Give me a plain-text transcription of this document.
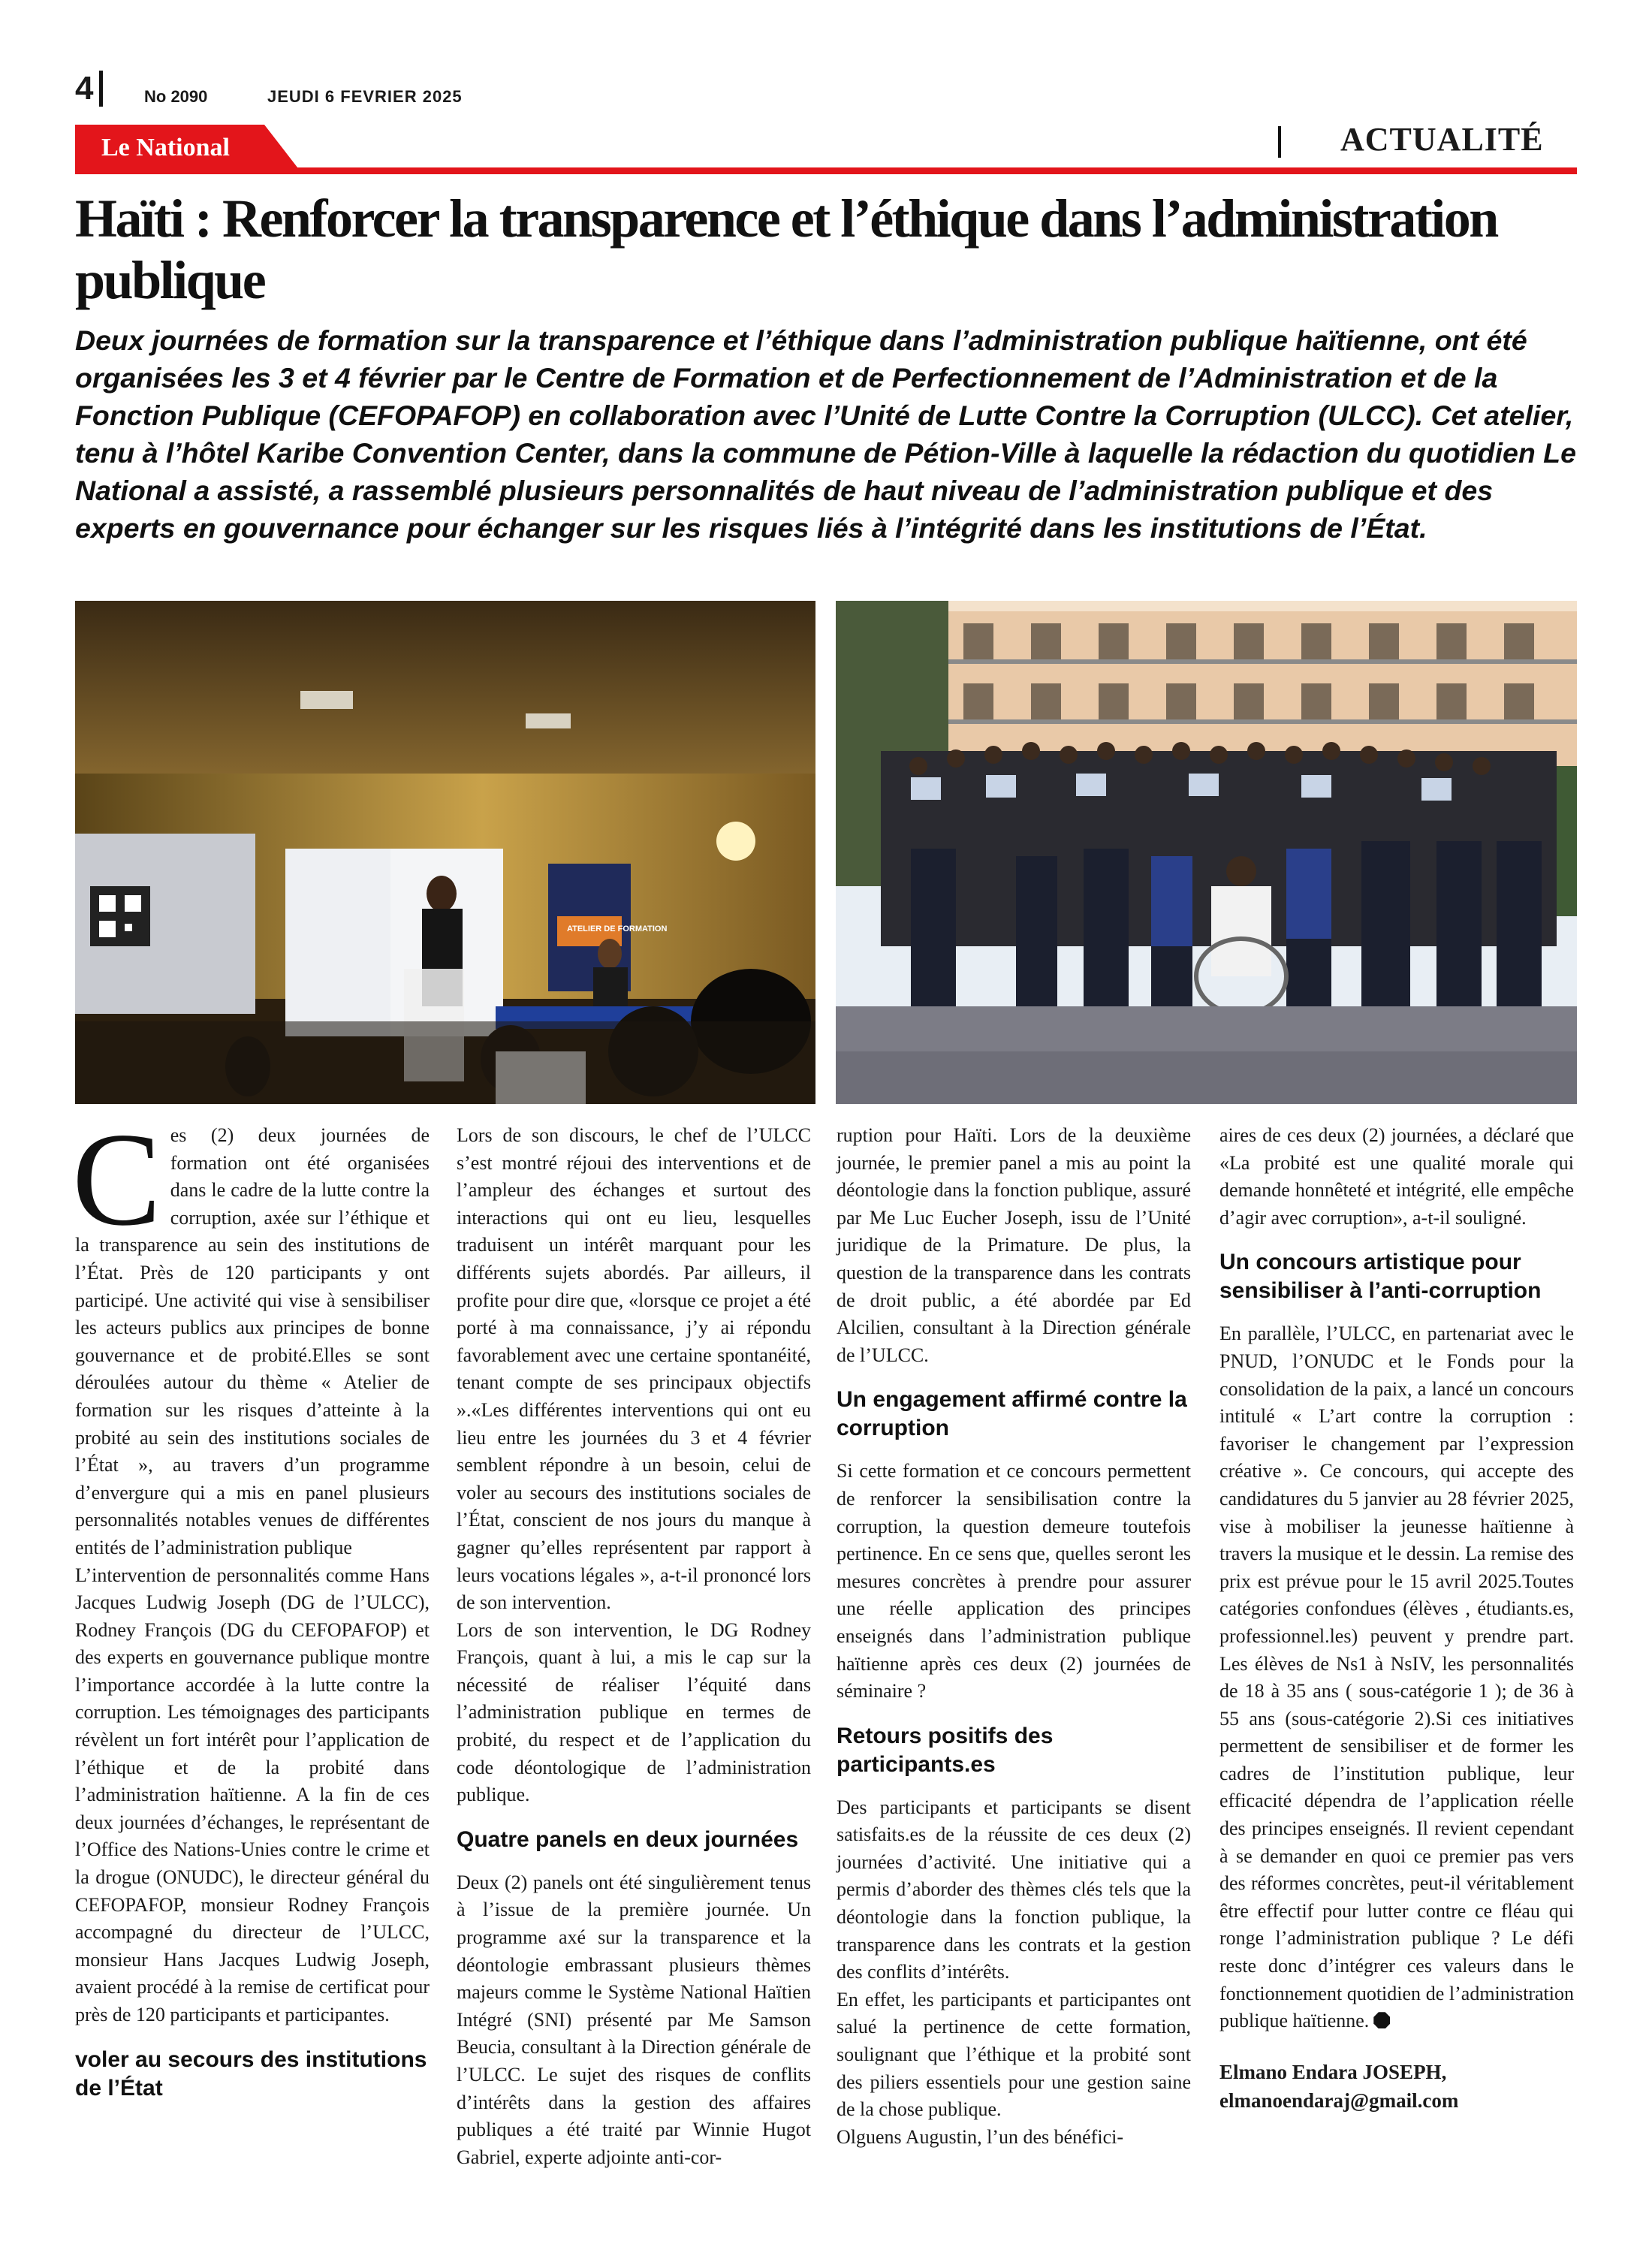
4	No 2090	JEUDI 6 FEVRIER 2025
Le National	ACTUALITÉ
Haïti : Renforcer la transparence et l’éthique dans l’administration publique

Deux journées de formation sur la transparence et l’éthique dans l’administration publique haïtienne, ont été organisées les 3 et 4 février par le Centre de Formation et de Perfectionnement de l’Administration et de la Fonction Publique (CEFOPAFOP) en collaboration avec l’Unité de Lutte Contre la Corruption (ULCC). Cet atelier, tenu à l’hôtel Karibe Convention Center, dans la commune de Pétion-Ville à laquelle la rédaction du quotidien Le National a assisté, a rassemblé plusieurs personnalités de haut niveau de l’administration publique et des experts en gouvernance pour échanger sur les risques liés à l’intégrité dans les institutions de l’État.

ATELIER DE FORMATION

Ces (2) deux journées de formation ont été organisées dans le cadre de la lutte contre la corruption, axée sur l’éthique et la transparence au sein des institutions de l’État. Près de 120 participants y ont participé. Une activité qui vise à sensibiliser les acteurs publics aux principes de bonne gouvernance et de probité.Elles se sont déroulées autour du thème « Atelier de formation sur les risques d’atteinte à la probité au sein des institutions sociales de l’État », au travers d’un programme d’envergure qui a mis en panel plusieurs personnalités notables venues de différentes entités de l’administration publique

L’intervention de personnalités comme Hans Jacques Ludwig Joseph (DG de l’ULCC), Rodney François (DG du CEFOPAFOP) et des experts en gouvernance publique montre l’importance accordée à la lutte contre la corruption. Les témoignages des participants révèlent un fort intérêt pour l’application de l’éthique et de la probité dans l’administration haïtienne. A la fin de ces deux journées d’échanges, le représentant de l’Office des Nations-Unies contre le crime et la drogue (ONUDC), le directeur général du CEFOPAFOP, monsieur Rodney François accompagné du directeur de l’ULCC, monsieur Hans Jacques Ludwig Joseph, avaient procédé à la remise de certificat pour près de 120 participants et participantes.

voler au secours des institutions de l’État

Lors de son discours, le chef de l’ULCC s’est montré réjoui des interventions et de l’ampleur des échanges et surtout des interactions qui ont eu lieu, lesquelles traduisent un intérêt marquant pour les différents sujets abordés. Par ailleurs, il profite pour dire que, «lorsque ce projet a été porté à ma connaissance, j’y ai répondu favorablement avec une certaine spontanéité, tenant compte de ses principaux objectifs ».«Les différentes interventions qui ont eu lieu entre les journées du 3 et 4 février semblent répondre à un besoin, celui de voler au secours des institutions sociales de l’État, conscient de nos jours du manque à gagner qu’elles représentent par rapport à leurs vocations légales », a-t-il prononcé lors de son intervention.

Lors de son intervention, le DG Rodney François, quant à lui, a mis le cap sur la nécessité de réaliser l’équité dans l’administration publique en termes de probité, du respect et de l’application du code déontologique de l’administration publique.

Quatre panels en deux journées

Deux (2) panels ont été singulièrement tenus à l’issue de la première journée. Un programme axé sur la transparence et la déontologie embrassant plusieurs thèmes majeurs comme le Système National Haïtien Intégré (SNI) présenté par Me Samson Beucia, consultant à la Direction générale de l’ULCC. Le sujet des risques de conflits d’intérêts dans la gestion des affaires publiques a été traité par Winnie Hugot Gabriel, experte adjointe anti-cor-

ruption pour Haïti. Lors de la deuxième journée, le premier panel a mis au point la déontologie dans la fonction publique, assuré par Me Luc Eucher Joseph, issu de l’Unité juridique de la Primature. De plus, la question de la transparence dans les contrats de droit public, a été abordée par Ed Alcilien, consultant à la Direction générale de l’ULCC.

Un engagement affirmé contre la corruption

Si cette formation et ce concours permettent de renforcer la sensibilisation contre la corruption, la question demeure toutefois pertinence. En ce sens que, quelles seront les mesures concrètes à prendre pour assurer une réelle application des principes enseignés dans l’administration publique haïtienne après ces deux (2) journées de séminaire ?

Retours positifs des participants.es

Des participants et participants se disent satisfaits.es de la réussite de ces deux (2) journées d’activité. Une initiative qui a permis d’aborder des thèmes clés tels que la déontologie dans la fonction publique, la transparence dans les contrats et la gestion des conflits d’intérêts.

En effet, les participants et participantes ont salué la pertinence de cette formation, soulignant que l’éthique et la probité sont des piliers essentiels pour une gestion saine de la chose publique.

Olguens Augustin, l’un des bénéfici-

aires de ces deux (2) journées, a déclaré que «La probité est une qualité morale qui demande honnêteté et intégrité, elle empêche d’agir avec corruption», a-t-il souligné.

Un concours artistique pour sensibiliser à l’anti-corruption

En parallèle, l’ULCC, en partenariat avec le PNUD, l’ONUDC et le Fonds pour la consolidation de la paix, a lancé un concours intitulé « L’art contre la corruption : favoriser le changement par l’expression créative ». Ce concours, qui accepte des candidatures du 5 janvier au 28 février 2025, vise à mobiliser la jeunesse haïtienne à travers la musique et le dessin. La remise des prix est prévue pour le 15 avril 2025.Toutes catégories confondues (élèves , étudiants.es, professionnel.les) peuvent y prendre part. Les élèves de Ns1 à NsIV, les personnalités de 18 à 35 ans ( sous-catégorie 1 ); de 36 à 55 ans (sous-catégorie 2).Si ces initiatives permettent de sensibiliser et de former les cadres de l’institution publique, leur efficacité dépendra de l’application réelle des principes enseignés. Il revient cependant à se demander en quoi ce premier pas vers des réformes concrètes, peut-il véritablement être effectif pour lutter contre ce fléau qui ronge l’administration publique ? Le défi reste donc d’intégrer ces valeurs dans le fonctionnement quotidien de l’administration publique haïtienne.

Elmano Endara JOSEPH,
elmanoendaraj@gmail.com
